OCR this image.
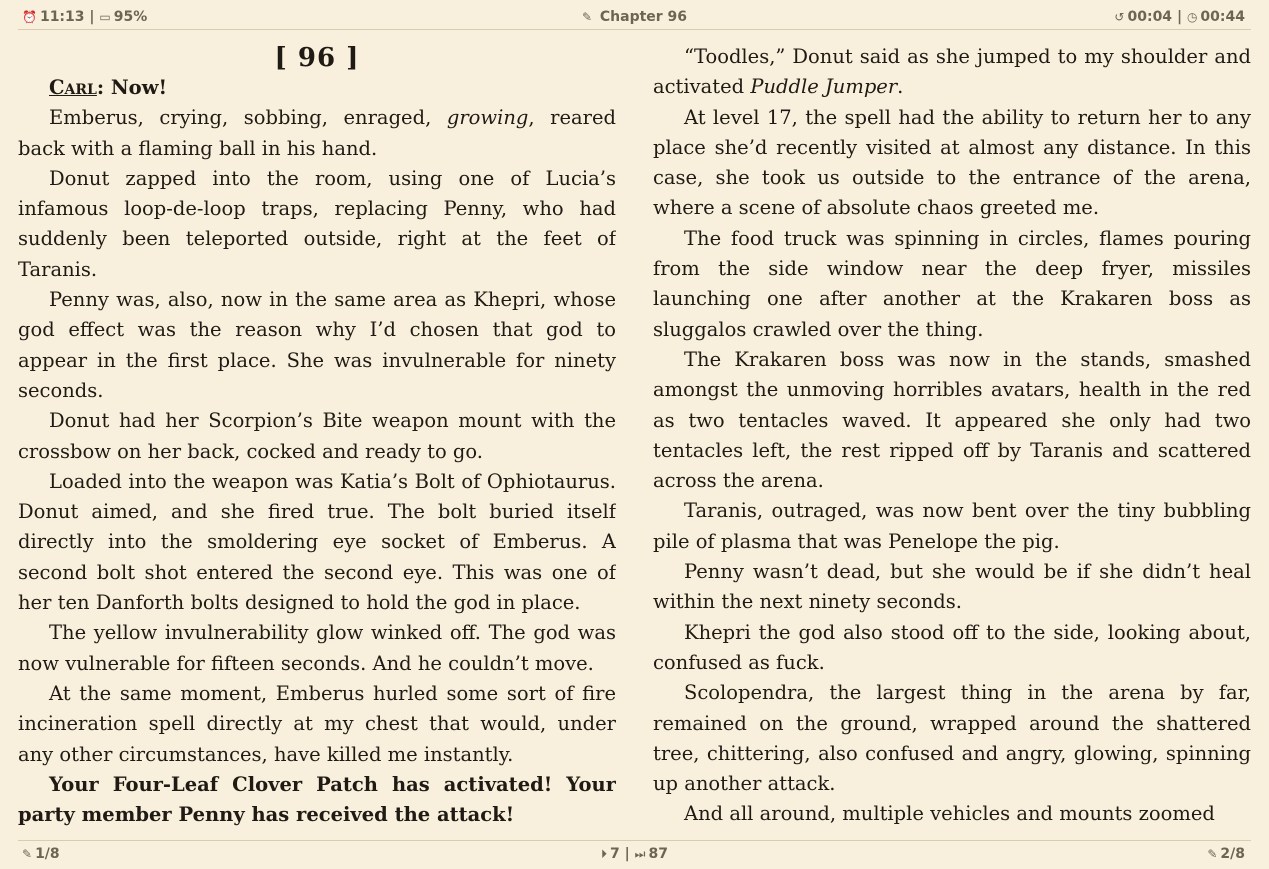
⏰ 11:13 | ▭ 95%	✎ Chapter 96	↺ 00:04 | ◷ 00:44
[ 96 ]

Carl: Now!

Emberus, crying, sobbing, enraged, growing, reared back with a flaming ball in his hand.

Donut zapped into the room, using one of Lucia’s infamous loop-de-loop traps, replacing Penny, who had suddenly been teleported outside, right at the feet of Taranis.

Penny was, also, now in the same area as Khepri, whose god effect was the reason why I’d chosen that god to appear in the first place. She was invulnerable for ninety seconds.

Donut had her Scorpion’s Bite weapon mount with the crossbow on her back, cocked and ready to go.

Loaded into the weapon was Katia’s Bolt of Ophiotaurus. Donut aimed, and she fired true. The bolt buried itself directly into the smoldering eye socket of Emberus. A second bolt shot entered the second eye. This was one of her ten Danforth bolts designed to hold the god in place.

The yellow invulnerability glow winked off. The god was now vulnerable for fifteen seconds. And he couldn’t move.

At the same moment, Emberus hurled some sort of fire incineration spell directly at my chest that would, under any other circumstances, have killed me instantly.

Your Four-Leaf Clover Patch has activated! Your party member Penny has received the attack!

“Toodles,” Donut said as she jumped to my shoulder and activated Puddle Jumper.

At level 17, the spell had the ability to return her to any place she’d recently visited at almost any distance. In this case, she took us outside to the entrance of the arena, where a scene of absolute chaos greeted me.

The food truck was spinning in circles, flames pouring from the side window near the deep fryer, missiles launching one after another at the Krakaren boss as sluggalos crawled over the thing.

The Krakaren boss was now in the stands, smashed amongst the unmoving horribles avatars, health in the red as two tentacles waved. It appeared she only had two tentacles left, the rest ripped off by Taranis and scattered across the arena.

Taranis, outraged, was now bent over the tiny bubbling pile of plasma that was Penelope the pig.

Penny wasn’t dead, but she would be if she didn’t heal within the next ninety seconds.

Khepri the god also stood off to the side, looking about, confused as fuck.

Scolopendra, the largest thing in the arena by far, remained on the ground, wrapped around the shattered tree, chittering, also confused and angry, glowing, spinning up another attack.

And all around, multiple vehicles and mounts zoomed

✎ 1/8	⏵ 7 | ⏭ 87	✎ 2/8
